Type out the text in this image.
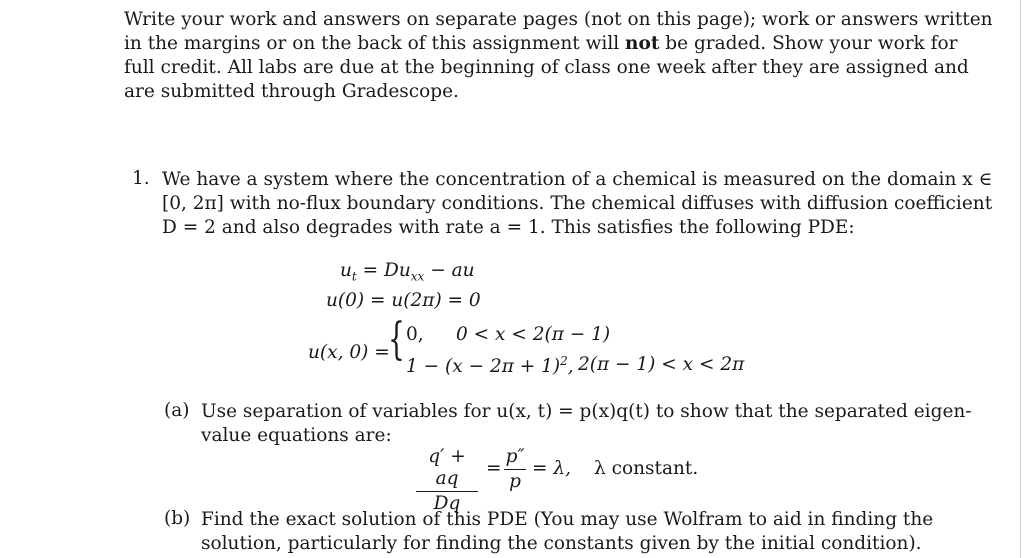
Write your work and answers on separate pages (not on this page); work or answers written
in the margins or on the back of this assignment will not be graded. Show your work for
full credit. All labs are due at the beginning of class one week after they are assigned and
are submitted through Gradescope.
1. We have a system where the concentration of a chemical is measured on the domain x ∈
[0, 2π] with no-flux boundary conditions. The chemical diffuses with diffusion coefficient
D = 2 and also degrades with rate a = 1. This satisfies the following PDE:
$u_t = Du_{xx}$ − au
u(0) = u(2π) = 0
u(x, 0) =
{ 0, 0 < x < 2(π − 1)
$1 - (x - 2\pi + 1)^2$, 2(π − 1) < x < 2π
(a) Use separation of variables for u(x, t) = p(x)q(t) to show that the separated eigen-
value equations are:
q′ + aq
Dq
=
p″
p
= λ, λ constant.
(b) Find the exact solution of this PDE (You may use Wolfram to aid in finding the
solution, particularly for finding the constants given by the initial condition).
